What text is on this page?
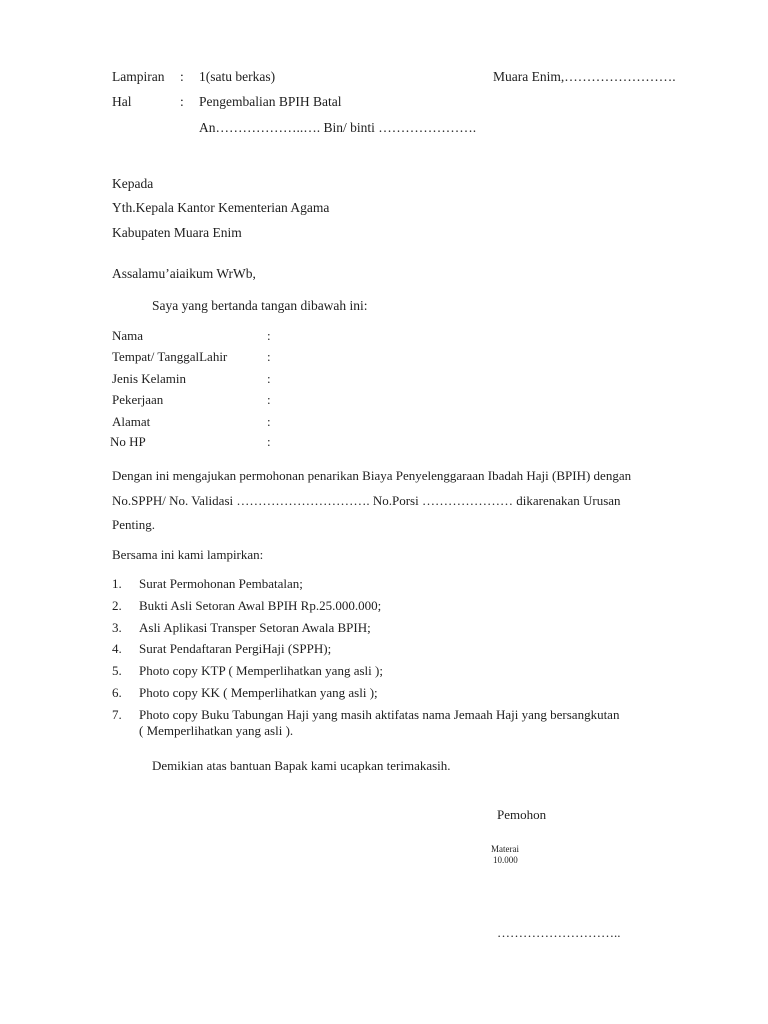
Lampiran : 1(satu berkas)	Muara Enim,…………………….
Hal	: Pengembalian BPIH Batal
An………………..…. Bin/ binti ………………….
Kepada
Yth.Kepala Kantor Kementerian Agama
Kabupaten Muara Enim
Assalamu’aiaikum WrWb,
Saya yang bertanda tangan dibawah ini:
Nama	:
Tempat/ TanggalLahir	:
Jenis Kelamin	:
Pekerjaan	:
Alamat	:
No HP	:
Dengan ini mengajukan permohonan penarikan Biaya Penyelenggaraan Ibadah Haji (BPIH) dengan
No.SPPH/ No. Validasi …………………………. No.Porsi ………………… dikarenakan Urusan
Penting.
Bersama ini kami lampirkan:
1. Surat Permohonan Pembatalan;
2. Bukti Asli Setoran Awal BPIH Rp.25.000.000;
3. Asli Aplikasi Transper Setoran Awala BPIH;
4. Surat Pendaftaran PergiHaji (SPPH);
5. Photo copy KTP ( Memperlihatkan yang asli );
6. Photo copy KK ( Memperlihatkan yang asli );
7. Photo copy Buku Tabungan Haji yang masih aktifatas nama Jemaah Haji yang bersangkutan
( Memperlihatkan yang asli ).
Demikian atas bantuan Bapak kami ucapkan terimakasih.
Pemohon
Materai
10.000
………………………..
